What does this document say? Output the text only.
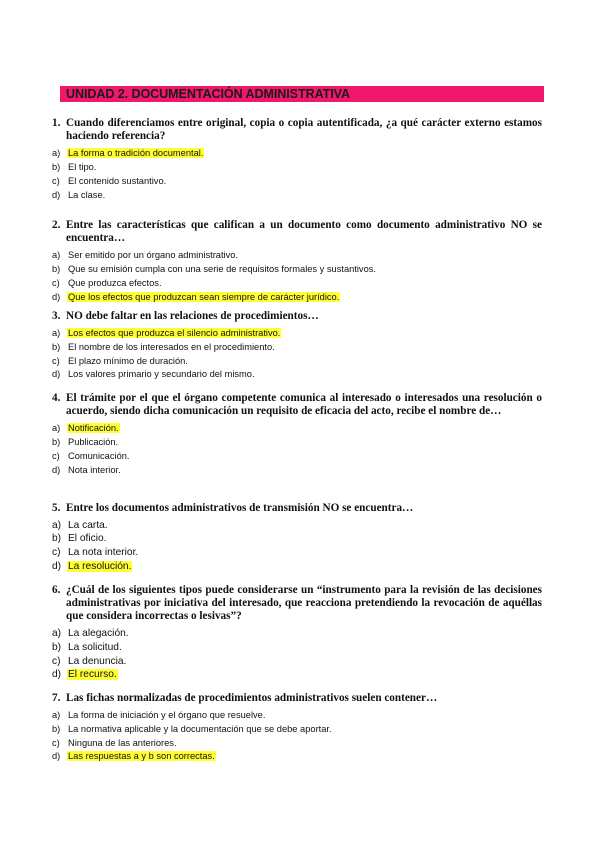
UNIDAD 2. DOCUMENTACIÓN ADMINISTRATIVA
1. Cuando diferenciamos entre original, copia o copia autentificada, ¿a qué carácter externo estamos haciendo referencia?
a) La forma o tradición documental.
b) El tipo.
c) El contenido sustantivo.
d) La clase.
2. Entre las características que califican a un documento como documento administrativo NO se encuentra…
a) Ser emitido por un órgano administrativo.
b) Que su emisión cumpla con una serie de requisitos formales y sustantivos.
c) Que produzca efectos.
d) Que los efectos que produzcan sean siempre de carácter jurídico.
3. NO debe faltar en las relaciones de procedimientos…
a) Los efectos que produzca el silencio administrativo.
b) El nombre de los interesados en el procedimiento.
c) El plazo mínimo de duración.
d) Los valores primario y secundario del mismo.
4. El trámite por el que el órgano competente comunica al interesado o interesados una resolución o acuerdo, siendo dicha comunicación un requisito de eficacia del acto, recibe el nombre de…
a) Notificación.
b) Publicación.
c) Comunicación.
d) Nota interior.
5. Entre los documentos administrativos de transmisión NO se encuentra…
a) La carta.
b) El oficio.
c) La nota interior.
d) La resolución.
6. ¿Cuál de los siguientes tipos puede considerarse un “instrumento para la revisión de las decisiones administrativas por iniciativa del interesado, que reacciona pretendiendo la revocación de aquéllas que considera incorrectas o lesivas”?
a) La alegación.
b) La solicitud.
c) La denuncia.
d) El recurso.
7. Las fichas normalizadas de procedimientos administrativos suelen contener…
a) La forma de iniciación y el órgano que resuelve.
b) La normativa aplicable y la documentación que se debe aportar.
c) Ninguna de las anteriores.
d) Las respuestas a y b son correctas.
